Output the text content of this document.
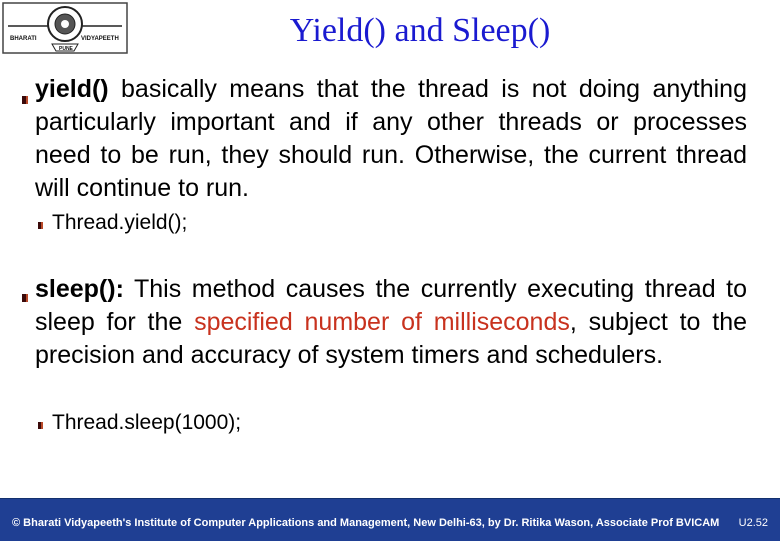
BHARATI	VIDYAPEETH
PUNE	Yield() and Sleep()
yield() basically means that the thread is not doing anything particularly important and if any other threads or processes need to be run, they should run. Otherwise, the current thread will continue to run.
Thread.yield();
sleep(): This method causes the currently executing thread to sleep for the specified number of milliseconds, subject to the precision and accuracy of system timers and schedulers.
Thread.sleep(1000);
© Bharati Vidyapeeth's Institute of Computer Applications and Management, New Delhi-63, by Dr. Ritika Wason, Associate Prof BVICAM U2.52
